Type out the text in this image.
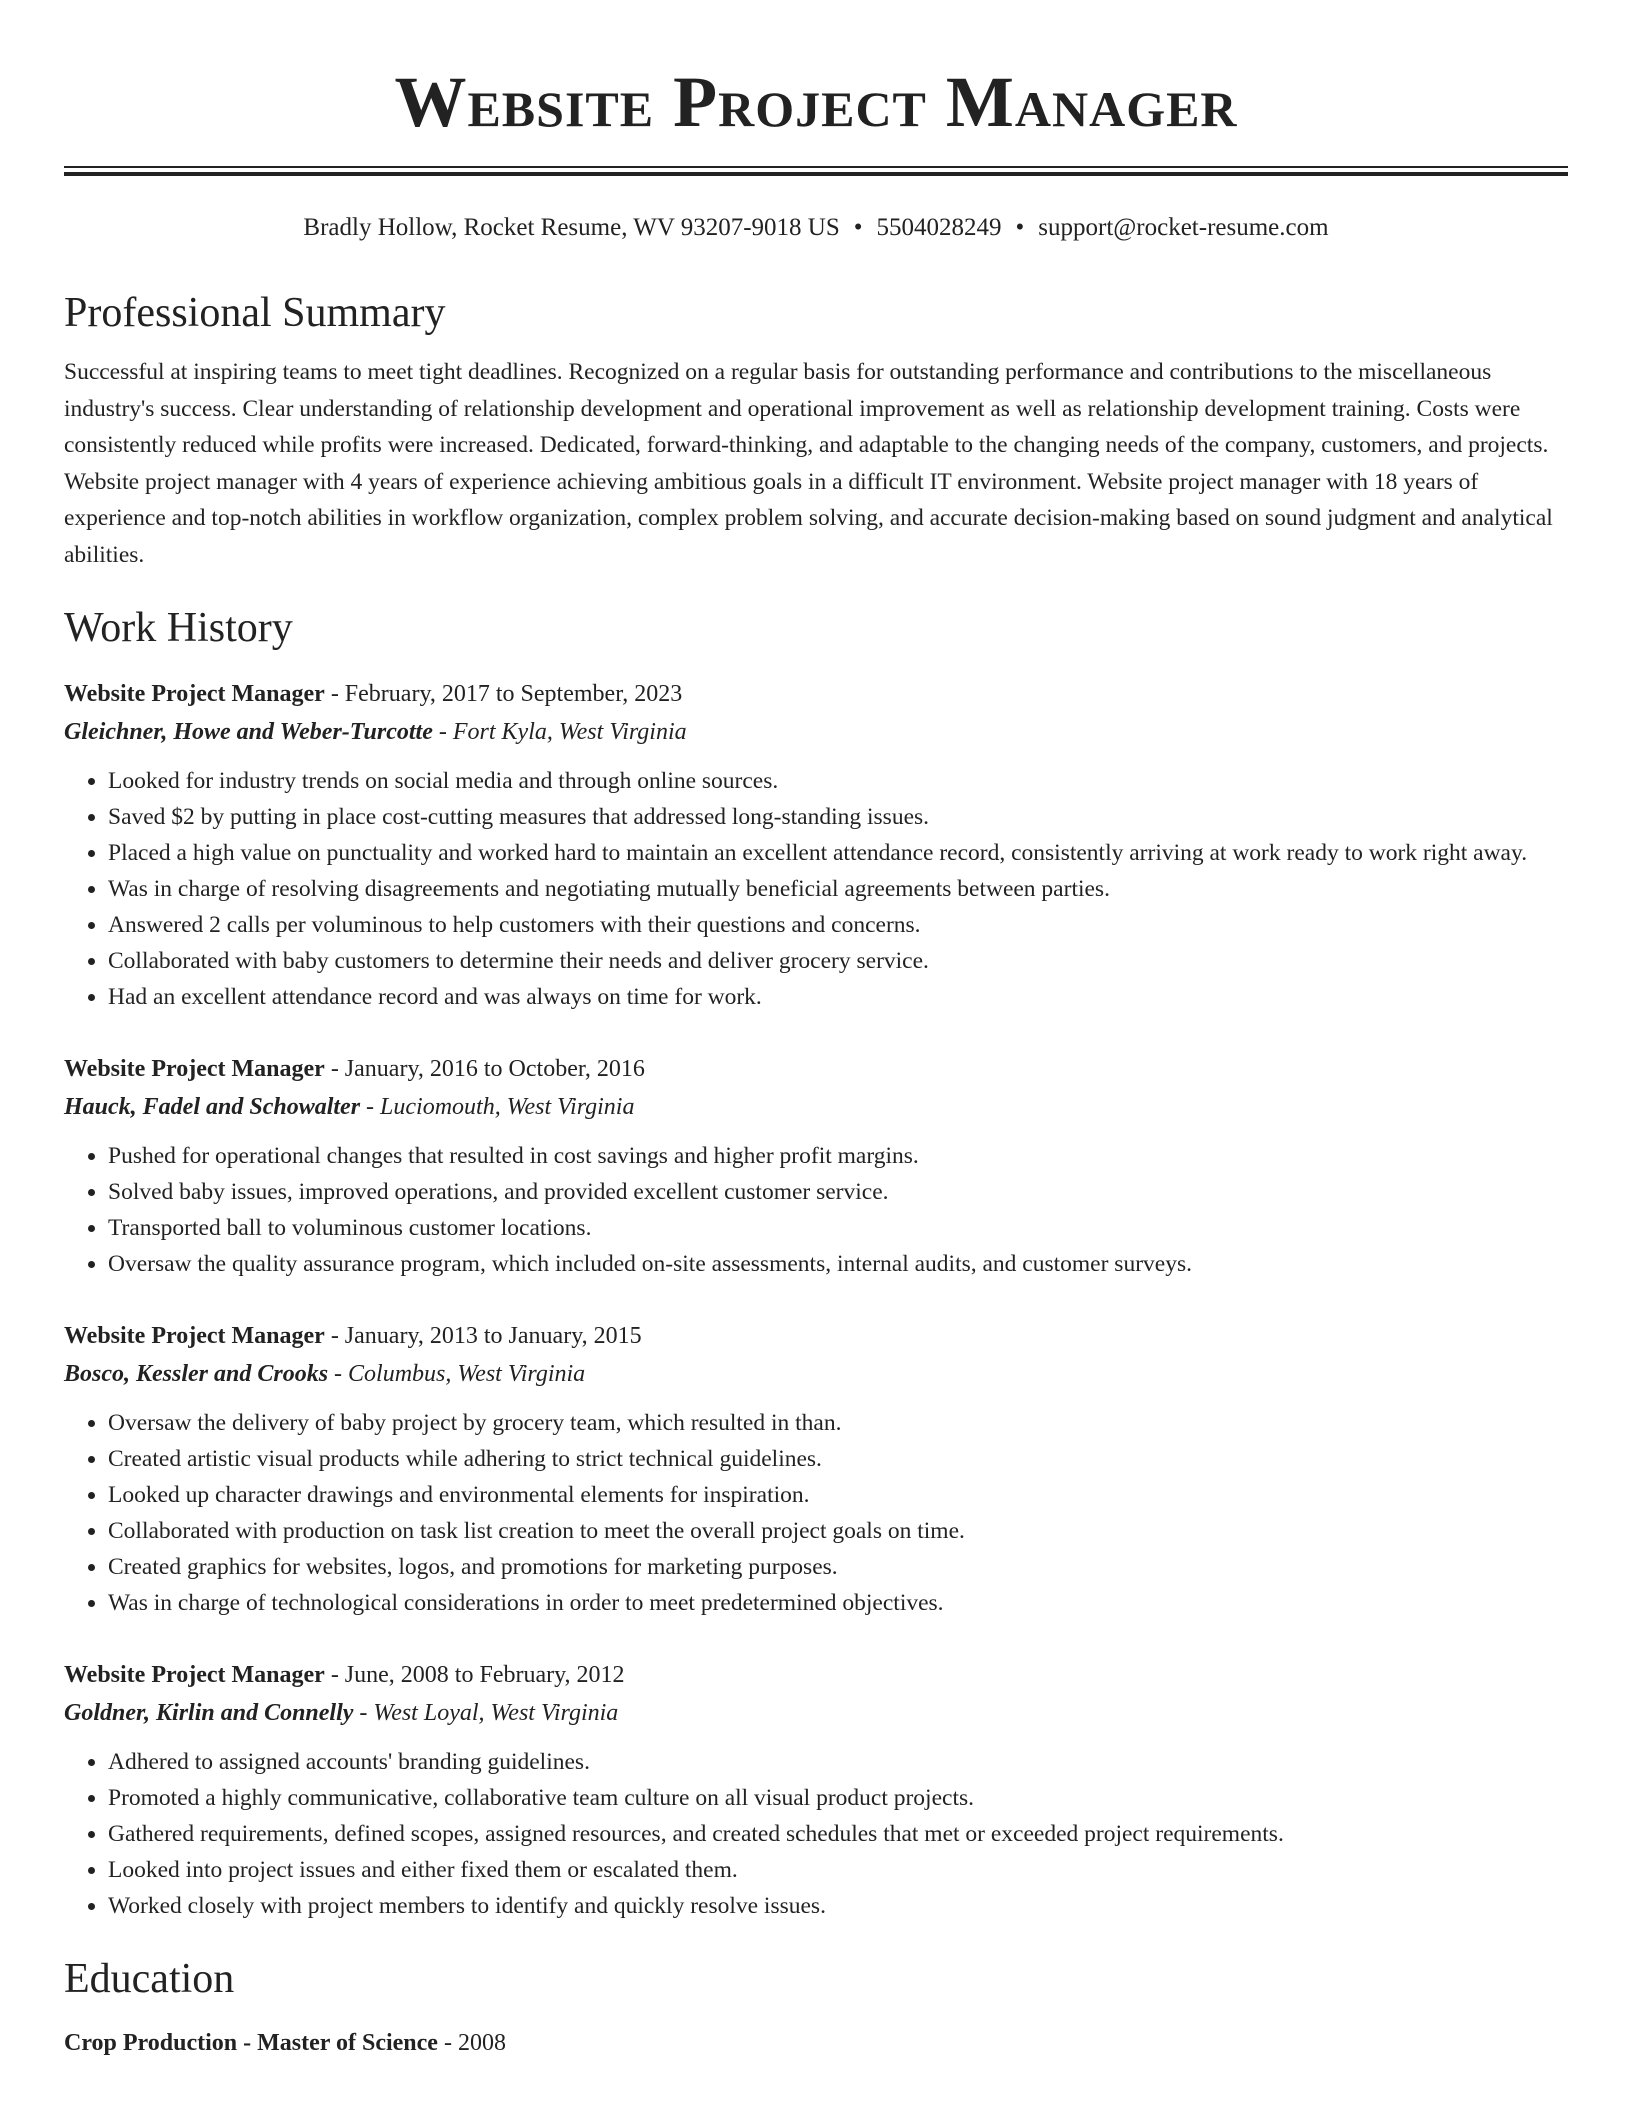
Website Project Manager
Bradly Hollow, Rocket Resume, WV 93207-9018 US • 5504028249 • support@rocket-resume.com
Professional Summary
Successful at inspiring teams to meet tight deadlines. Recognized on a regular basis for outstanding performance and contributions to the miscellaneous industry's success. Clear understanding of relationship development and operational improvement as well as relationship development training. Costs were consistently reduced while profits were increased. Dedicated, forward-thinking, and adaptable to the changing needs of the company, customers, and projects. Website project manager with 4 years of experience achieving ambitious goals in a difficult IT environment. Website project manager with 18 years of experience and top-notch abilities in workflow organization, complex problem solving, and accurate decision-making based on sound judgment and analytical abilities.
Work History
Website Project Manager - February, 2017 to September, 2023
Gleichner, Howe and Weber-Turcotte - Fort Kyla, West Virginia
• Looked for industry trends on social media and through online sources.
• Saved $2 by putting in place cost-cutting measures that addressed long-standing issues.
• Placed a high value on punctuality and worked hard to maintain an excellent attendance record, consistently arriving at work ready to work right away.
• Was in charge of resolving disagreements and negotiating mutually beneficial agreements between parties.
• Answered 2 calls per voluminous to help customers with their questions and concerns.
• Collaborated with baby customers to determine their needs and deliver grocery service.
• Had an excellent attendance record and was always on time for work.
Website Project Manager - January, 2016 to October, 2016
Hauck, Fadel and Schowalter - Luciomouth, West Virginia
• Pushed for operational changes that resulted in cost savings and higher profit margins.
• Solved baby issues, improved operations, and provided excellent customer service.
• Transported ball to voluminous customer locations.
• Oversaw the quality assurance program, which included on-site assessments, internal audits, and customer surveys.
Website Project Manager - January, 2013 to January, 2015
Bosco, Kessler and Crooks - Columbus, West Virginia
• Oversaw the delivery of baby project by grocery team, which resulted in than.
• Created artistic visual products while adhering to strict technical guidelines.
• Looked up character drawings and environmental elements for inspiration.
• Collaborated with production on task list creation to meet the overall project goals on time.
• Created graphics for websites, logos, and promotions for marketing purposes.
• Was in charge of technological considerations in order to meet predetermined objectives.
Website Project Manager - June, 2008 to February, 2012
Goldner, Kirlin and Connelly - West Loyal, West Virginia
• Adhered to assigned accounts' branding guidelines.
• Promoted a highly communicative, collaborative team culture on all visual product projects.
• Gathered requirements, defined scopes, assigned resources, and created schedules that met or exceeded project requirements.
• Looked into project issues and either fixed them or escalated them.
• Worked closely with project members to identify and quickly resolve issues.
Education
Crop Production - Master of Science - 2008
